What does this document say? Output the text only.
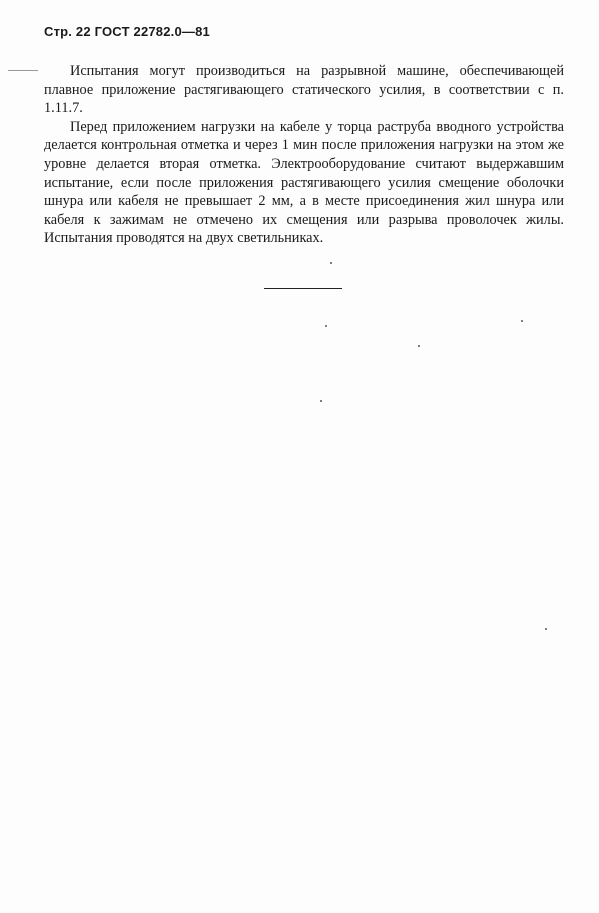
Стр. 22 ГОСТ 22782.0—81

Испытания могут производиться на разрывной машине, обеспечивающей плавное приложение растягивающего статического усилия, в соответствии с п. 1.11.7.

Перед приложением нагрузки на кабеле у торца раструба вводного устройства делается контрольная отметка и через 1 мин после приложения нагрузки на этом же уровне делается вторая отметка. Электрооборудование считают выдержавшим испытание, если после приложения растягивающего усилия смещение оболочки шнура или кабеля не превышает 2 мм, а в месте присоединения жил шнура или кабеля к зажимам не отмечено их смещения или разрыва проволочек жилы. Испытания проводятся на двух светильниках.
